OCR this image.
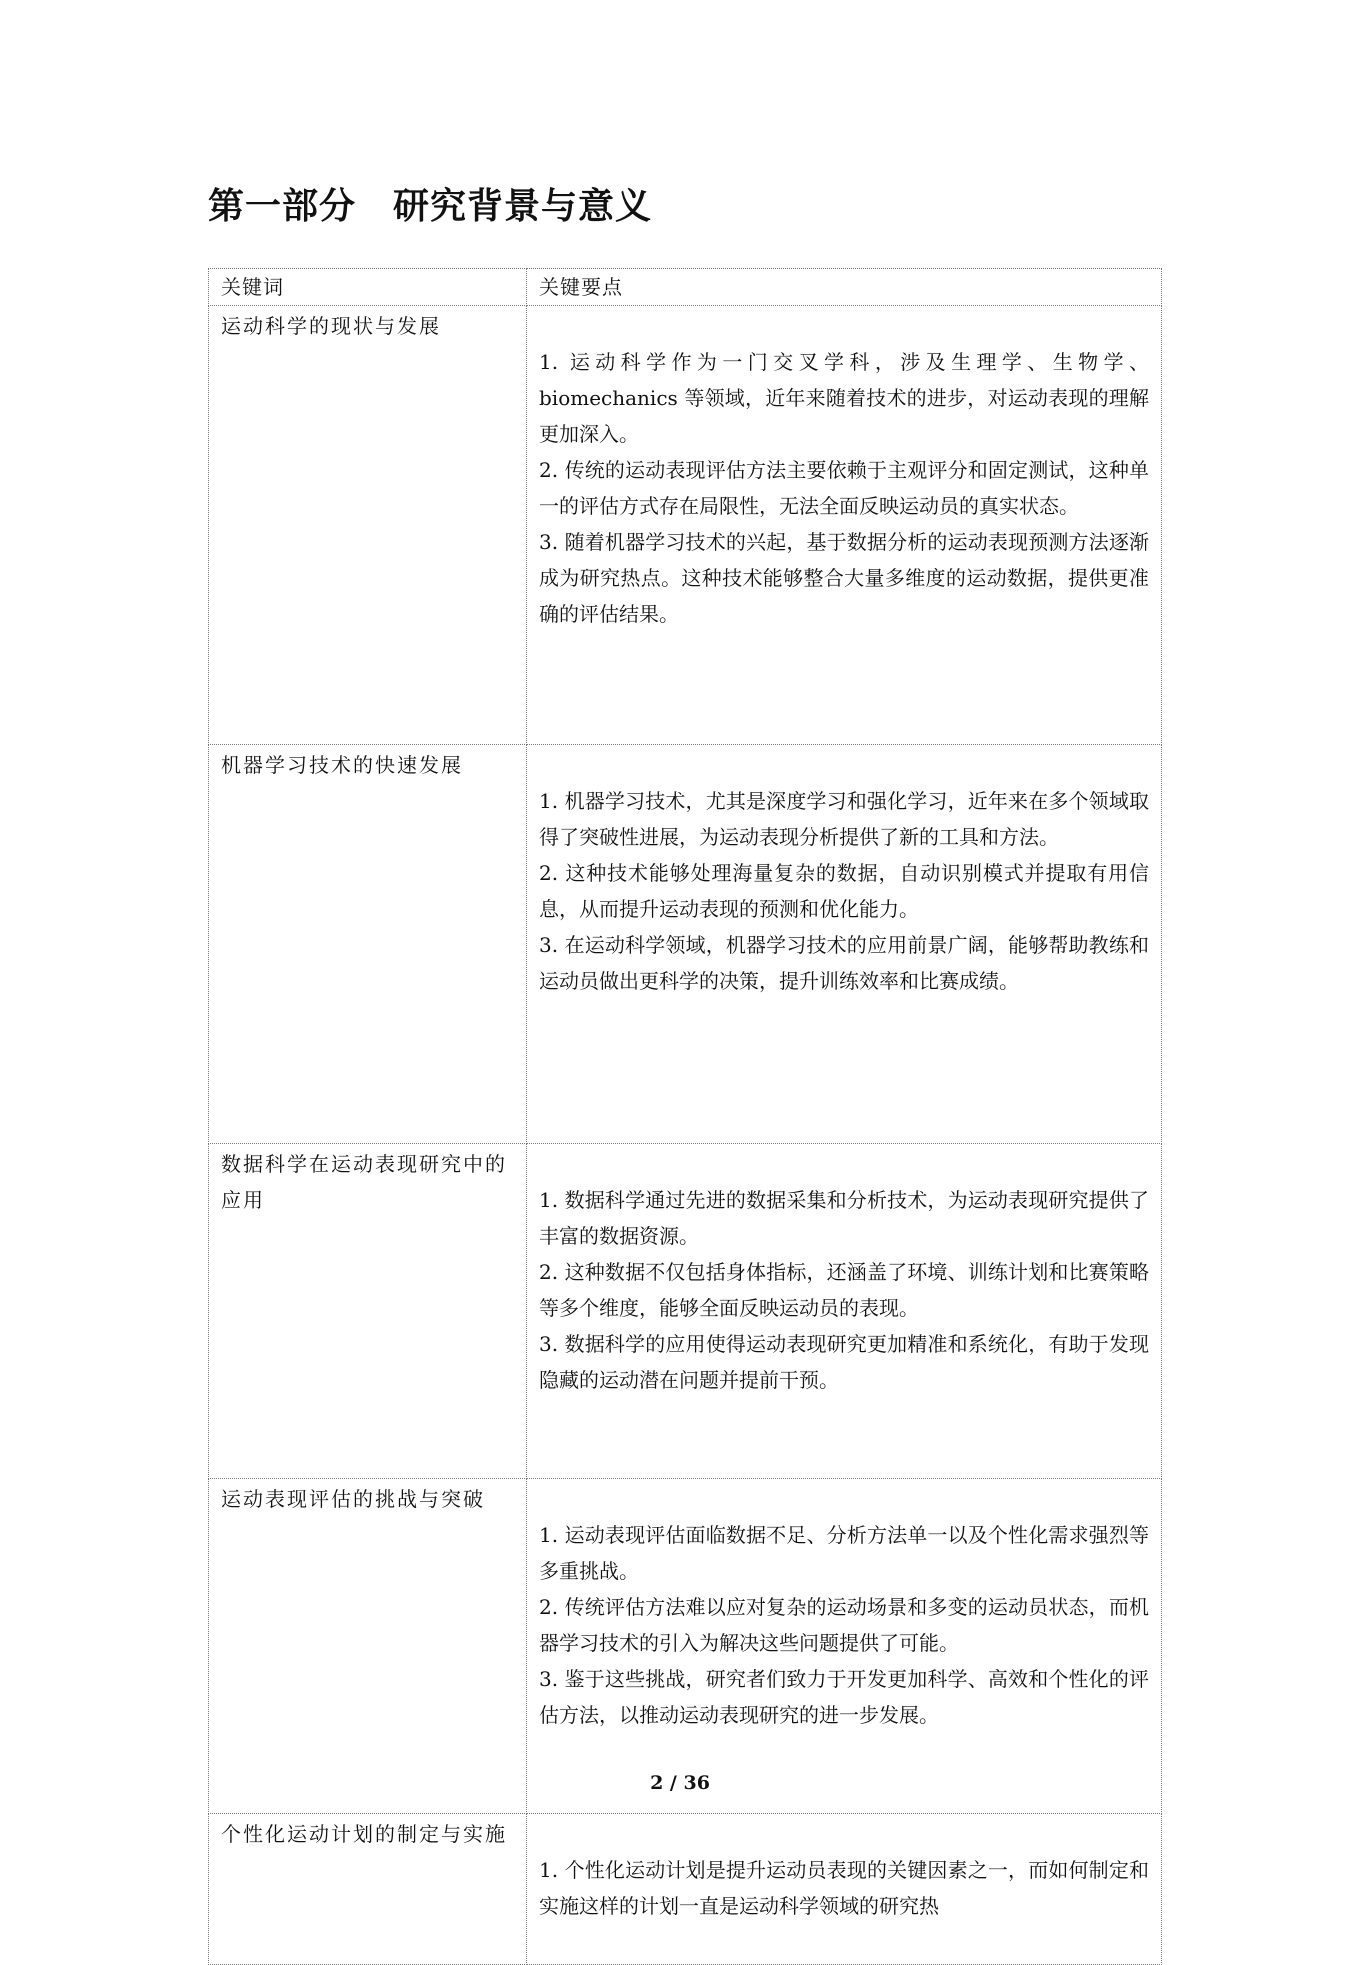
第一部分　研究背景与意义
关键词	关键要点
运动科学的现状与发展	1. 运动科学作为一门交叉学科，涉及生理学、生物学、biomechanics 等领域，近年来随着技术的进步，对运动表现的理解更加深入。

2. 传统的运动表现评估方法主要依赖于主观评分和固定测试，这种单一的评估方式存在局限性，无法全面反映运动员的真实状态。

3. 随着机器学习技术的兴起，基于数据分析的运动表现预测方法逐渐成为研究热点。这种技术能够整合大量多维度的运动数据，提供更准确的评估结果。

机器学习技术的快速发展	1. 机器学习技术，尤其是深度学习和强化学习，近年来在多个领域取得了突破性进展，为运动表现分析提供了新的工具和方法。

2. 这种技术能够处理海量复杂的数据，自动识别模式并提取有用信息，从而提升运动表现的预测和优化能力。

3. 在运动科学领域，机器学习技术的应用前景广阔，能够帮助教练和运动员做出更科学的决策，提升训练效率和比赛成绩。

数据科学在运动表现研究中的应用	1. 数据科学通过先进的数据采集和分析技术，为运动表现研究提供了丰富的数据资源。

2. 这种数据不仅包括身体指标，还涵盖了环境、训练计划和比赛策略等多个维度，能够全面反映运动员的表现。

3. 数据科学的应用使得运动表现研究更加精准和系统化，有助于发现隐藏的运动潜在问题并提前干预。

运动表现评估的挑战与突破	1. 运动表现评估面临数据不足、分析方法单一以及个性化需求强烈等多重挑战。

2. 传统评估方法难以应对复杂的运动场景和多变的运动员状态，而机器学习技术的引入为解决这些问题提供了可能。

3. 鉴于这些挑战，研究者们致力于开发更加科学、高效和个性化的评估方法，以推动运动表现研究的进一步发展。

个性化运动计划的制定与实施	1. 个性化运动计划是提升运动员表现的关键因素之一，而如何制定和实施这样的计划一直是运动科学领域的研究热

2 / 36
